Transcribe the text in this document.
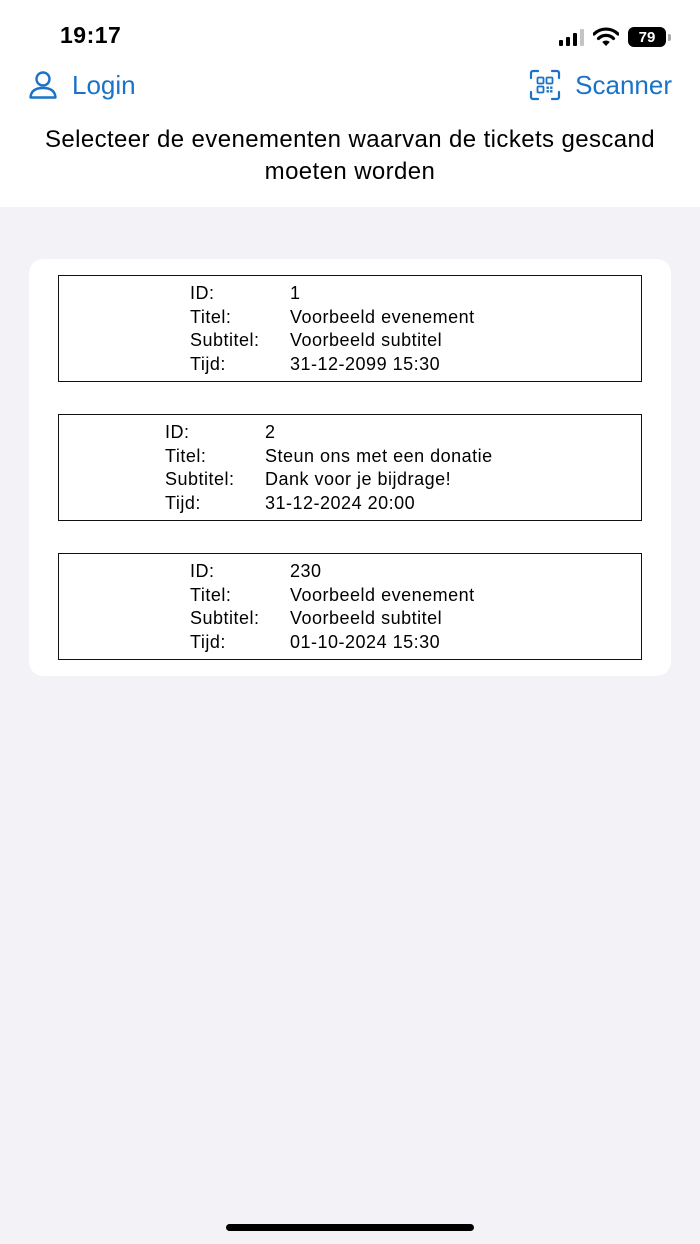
19:17	79
Login	Scanner
Selecteer de evenementen waarvan de tickets gescand moeten worden
ID:	1
Titel:	Voorbeeld evenement
Subtitel:	Voorbeeld subtitel
Tijd:	31-12-2099 15:30
ID:	2
Titel:	Steun ons met een donatie
Subtitel:	Dank voor je bijdrage!
Tijd:	31-12-2024 20:00
ID:	230
Titel:	Voorbeeld evenement
Subtitel:	Voorbeeld subtitel
Tijd:	01-10-2024 15:30
